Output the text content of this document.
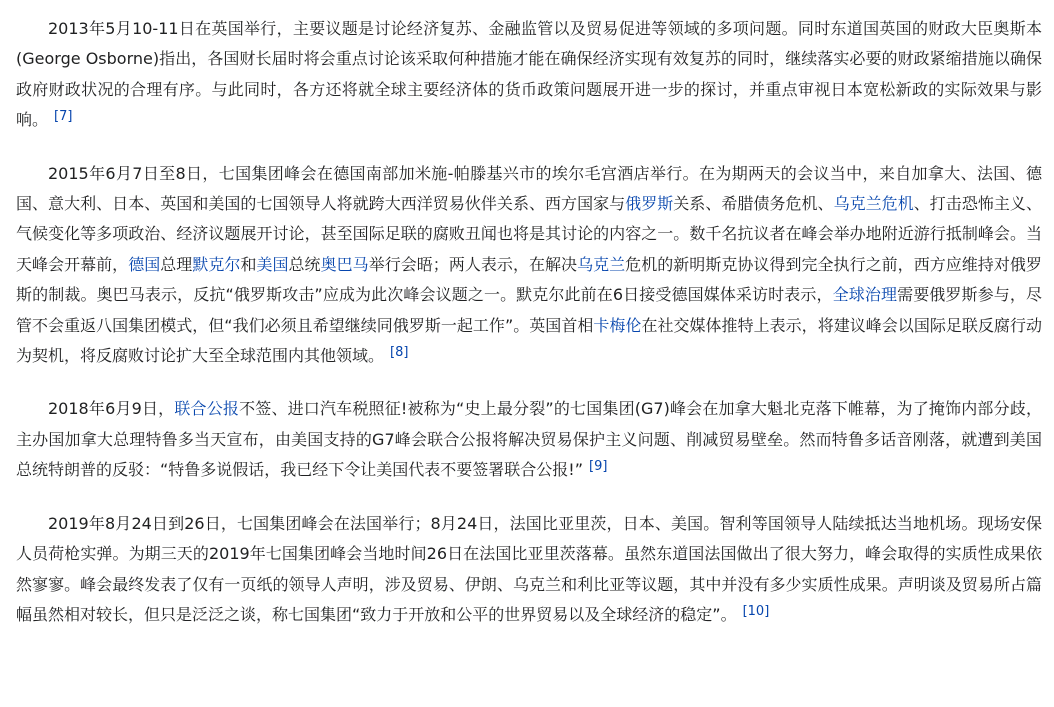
2013年5月10-11日在英国举行，主要议题是讨论经济复苏、金融监管以及贸易促进等领域的多项问题。同时东道国英国的财政大臣奥斯本(George Osborne)指出，各国财长届时将会重点讨论该采取何种措施才能在确保经济实现有效复苏的同时，继续落实必要的财政紧缩措施以确保政府财政状况的合理有序。与此同时，各方还将就全球主要经济体的货币政策问题展开进一步的探讨，并重点审视日本宽松新政的实际效果与影响。 [7]

2015年6月7日至8日，七国集团峰会在德国南部加米施-帕滕基兴市的埃尔毛宫酒店举行。在为期两天的会议当中，来自加拿大、法国、德国、意大利、日本、英国和美国的七国领导人将就跨大西洋贸易伙伴关系、西方国家与俄罗斯关系、希腊债务危机、乌克兰危机、打击恐怖主义、气候变化等多项政治、经济议题展开讨论，甚至国际足联的腐败丑闻也将是其讨论的内容之一。数千名抗议者在峰会举办地附近游行抵制峰会。当天峰会开幕前，德国总理默克尔和美国总统奥巴马举行会晤；两人表示，在解决乌克兰危机的新明斯克协议得到完全执行之前，西方应维持对俄罗斯的制裁。奥巴马表示，反抗“俄罗斯攻击”应成为此次峰会议题之一。默克尔此前在6日接受德国媒体采访时表示，全球治理需要俄罗斯参与，尽管不会重返八国集团模式，但“我们必须且希望继续同俄罗斯一起工作”。英国首相卡梅伦在社交媒体推特上表示，将建议峰会以国际足联反腐行动为契机，将反腐败讨论扩大至全球范围内其他领域。 [8]

2018年6月9日，联合公报不签、进口汽车税照征!被称为“史上最分裂”的七国集团(G7)峰会在加拿大魁北克落下帷幕，为了掩饰内部分歧，主办国加拿大总理特鲁多当天宣布，由美国支持的G7峰会联合公报将解决贸易保护主义问题、削减贸易壁垒。然而特鲁多话音刚落，就遭到美国总统特朗普的反驳：“特鲁多说假话，我已经下令让美国代表不要签署联合公报!” [9]

2019年8月24日到26日，七国集团峰会在法国举行；8月24日，法国比亚里茨，日本、美国。智利等国领导人陆续抵达当地机场。现场安保人员荷枪实弹。为期三天的2019年七国集团峰会当地时间26日在法国比亚里茨落幕。虽然东道国法国做出了很大努力，峰会取得的实质性成果依然寥寥。峰会最终发表了仅有一页纸的领导人声明，涉及贸易、伊朗、乌克兰和利比亚等议题，其中并没有多少实质性成果。声明谈及贸易所占篇幅虽然相对较长，但只是泛泛之谈，称七国集团“致力于开放和公平的世界贸易以及全球经济的稳定”。 [10]
